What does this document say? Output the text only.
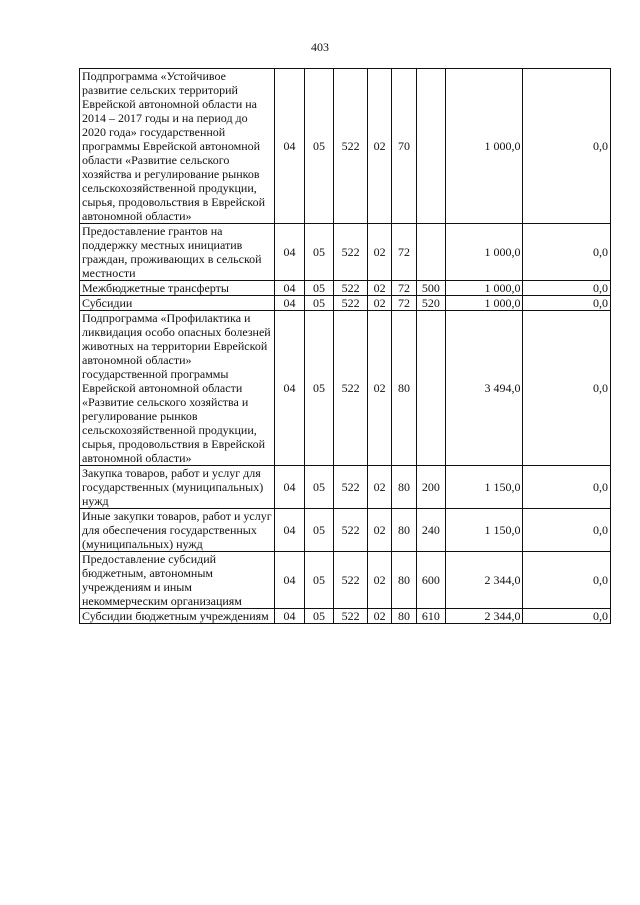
403
Подпрограмма «Устойчивое развитие сельских территорий Еврейской автономной области на 2014 – 2017 годы и на период до 2020 года» государственной программы Еврейской автономной области «Развитие сельского хозяйства и регулирование рынков сельскохозяйственной продукции, сырья, продовольствия в Еврейской автономной области»	04	05	522	02	70		1 000,0	0,0
Предоставление грантов на поддержку местных инициатив граждан, проживающих в сельской местности	04	05	522	02	72		1 000,0	0,0
Межбюджетные трансферты	04	05	522	02	72	500	1 000,0	0,0
Субсидии	04	05	522	02	72	520	1 000,0	0,0
Подпрограмма «Профилактика и ликвидация особо опасных болезней животных на территории Еврейской автономной области» государственной программы Еврейской автономной области «Развитие сельского хозяйства и регулирование рынков сельскохозяйственной продукции, сырья, продовольствия в Еврейской автономной области»	04	05	522	02	80		3 494,0	0,0
Закупка товаров, работ и услуг для государственных (муниципальных) нужд	04	05	522	02	80	200	1 150,0	0,0
Иные закупки товаров, работ и услуг для обеспечения государственных (муниципальных) нужд	04	05	522	02	80	240	1 150,0	0,0
Предоставление субсидий бюджетным, автономным учреждениям и иным некоммерческим организациям	04	05	522	02	80	600	2 344,0	0,0
Субсидии бюджетным учреждениям	04	05	522	02	80	610	2 344,0	0,0
